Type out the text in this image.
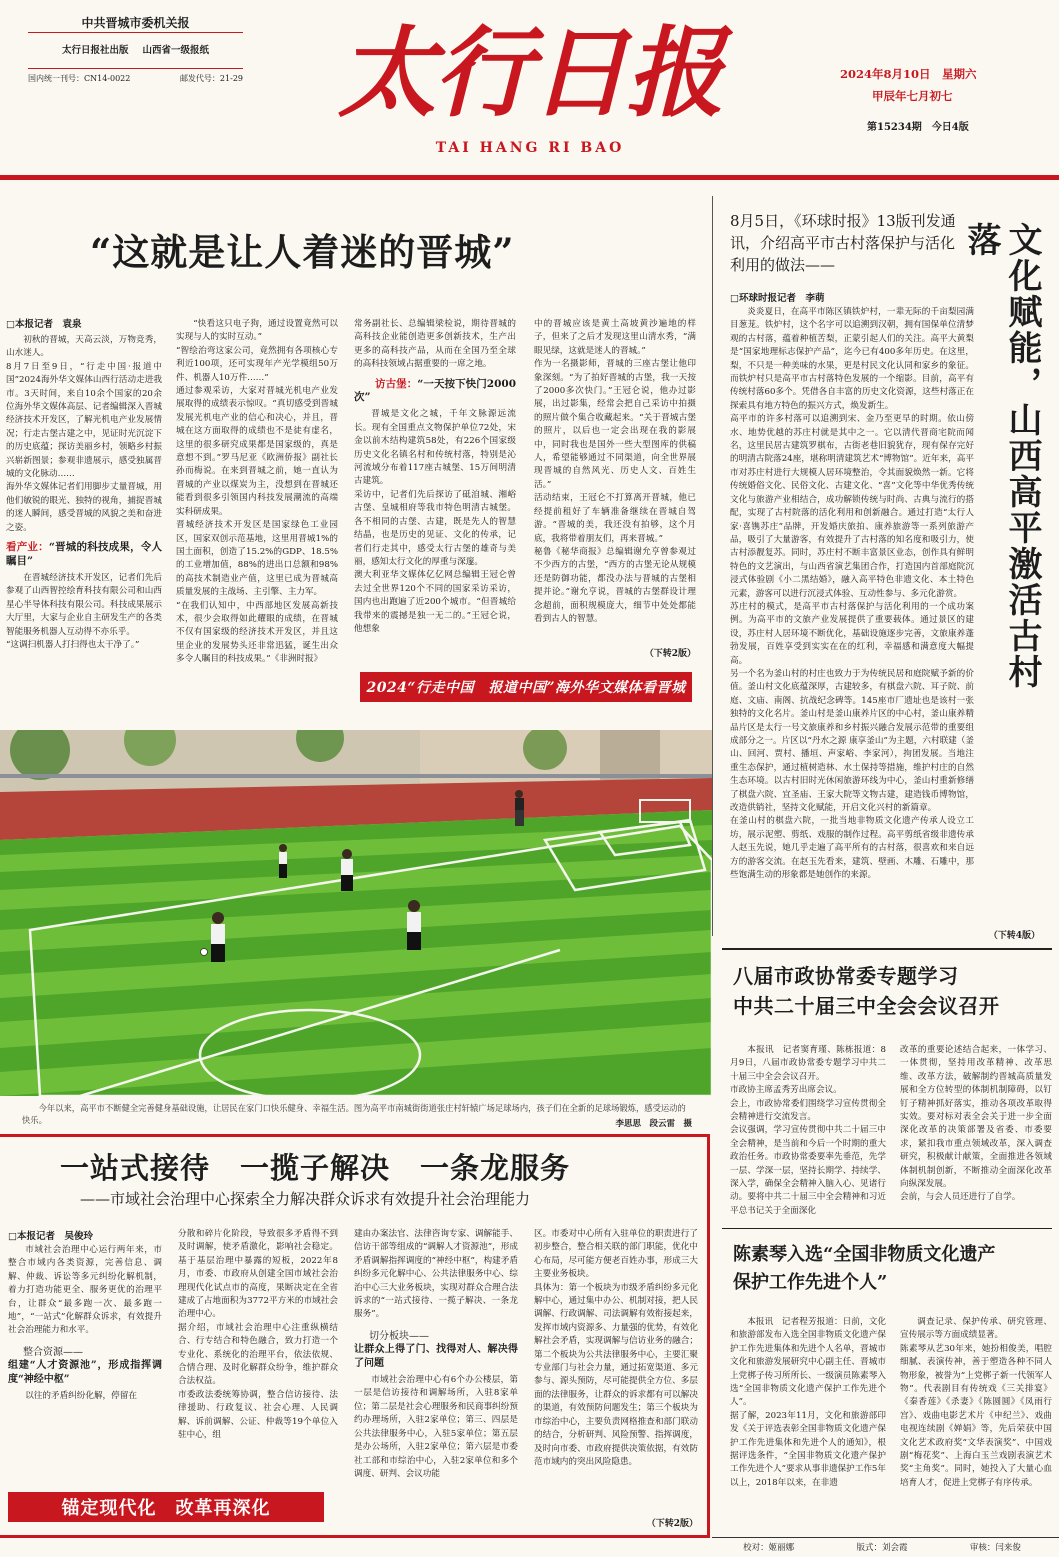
中共晋城市委机关报
太行日报社出版 山西省一级报纸
国内统一刊号：CN14-0022	邮发代号：21-29 太行日报
TAI HANG RI BAO
2024年8月10日　星期六
甲辰年七月初七
第15234期　今日4版
“这就是让人着迷的晋城”
□本报记者　袁泉
初秋的晋城，天高云淡，万物竞秀，山水迷人。
8月7日至9日，“行走中国·报道中国”2024海外华文媒体山西行活动走进我市。3天时间，来自10余个国家的20余位海外华文媒体高层、记者编辑深入晋城经济技术开发区，了解光机电产业发展情况；行走古堡古建之中，见证时光沉淀下的历史底蕴；探访美丽乡村，领略乡村振兴崭新图景；参观非遗展示，感受独属晋城的文化脉动……
海外华文媒体记者们用脚步丈量晋城，用他们敏锐的眼光、独特的视角，捕捉晋城的迷人瞬间，感受晋城的风貌之美和奋进之姿。
看产业：“晋城的科技成果，令人瞩目”
在晋城经济技术开发区，记者们先后参观了山西智控绘育科技有限公司和山西星心半导体科技有限公司。科技成果展示大厅里，大家与企业自主研发生产的各类智能服务机器人互动得不亦乐乎。
“这调扫机器人打扫得也太干净了。”
“快看这只电子狗，通过设置竟然可以实现与人的实时互动。”
“智绘治弯这家公司，竟然拥有各项核心专利近100项，还可实现年产光学模组50万件、机器人10万件……”
通过参观采访，大家对晋城光机电产业发展取得的成绩表示惊叹。“真切感受到晋城发展光机电产业的信心和决心，并且，晋城在这方面取得的成绩也不是徒有虚名，这里的很多研究成果都是国家级的，真是意想不到。”罗马尼亚《欧洲侨报》副社长孙而梅说。在来到晋城之前，她一直认为晋城的产业以煤炭为主，没想到在晋城还能看到很多引领国内科技发展潮流的高端实科研成果。
晋城经济技术开发区是国家绿色工业园区，国家双创示范基地，这里用晋城1%的国土面积，创造了15.2%的GDP、18.5%的工业增加值，88%的进出口总额和98%的高技术制造业产值，这里已成为晋城高质量发展的主战场、主引擎、主力军。
“在我们认知中，中西部地区发展高新技术，很少会取得如此耀眼的成绩，在晋城不仅有国家级的经济技术开发区，并且这里企业的发展势头还非常迅猛，诞生出众多令人瞩目的科技成果。”《非洲时报》
常务副社长、总编辑梁检说，期待晋城的高科技企业能创造更多创新技术，生产出更多的高科技产品，从而在全国乃至全球的高科技领域占据重要的一席之地。
访古堡：“一天按下快门2000次”
晋城是文化之城，千年文脉源远流长。现有全国重点文物保护单位72处，宋金以前木结构建筑58处，有226个国家级历史文化名镇名村和传统村落，特别是沁河流域分布着117座古城堡、15万间明清古建筑。
采访中，记者们先后探访了砥洎城、湘峪古堡、皇城相府等我市特色明清古城堡。各不相同的古堡、古建，既是先人的智慧结晶，也是历史的见证、文化的传承，记者们行走其中，感受太行古堡的雄奇与美丽，感知太行文化的厚重与深邃。
澳大利亚华文媒体亿亿网总编辑王冠仑曾去过全世界120个不同的国家采访采访，国内也出跑遍了近200个城市。“但晋城给我带来的震撼是独一无二的。”王冠仑说，他想象
中的晋城应该是黄土高坡黄沙遍地的样子，但来了之后才发现这里山清水秀，“满眼见绿，这就是迷人的晋城。”
作为一名摄影师，晋城的三座古堡让他印象深刻。“为了拍好晋城的古堡，我一天按了2000多次快门。”王冠仑说，他办过影展，出过影集，经常会把自己采访中拍摄的照片做个集合收藏起来。“关于晋城古堡的照片，以后也一定会出现在我的影展中，同时我也是国外一些大型图库的供稿人，希望能够通过不同渠道，向全世界展现晋城的自然风光、历史人文、百姓生活。”
活动结束，王冠仑不打算离开晋城，他已经提前租好了车辆准备继续在晋城自驾游。“晋城的美，我还没有拍够，这个月底，我将带着朋友们，再来晋城。”
秘鲁《秘华商报》总编辑谢允亨曾参观过不少西方的古堡，“西方的古堡无论从规模还是防御功能，都没办法与晋城的古堡相提并论。”谢允亨说，晋城的古堡群设计理念超前，面积规模庞大，细节中处处都能看到古人的智慧。
（下转2版）
2024“行走中国　报道中国”海外华文媒体看晋城
8月5日，《环球时报》13版刊发通讯，介绍高平市古村落保护与活化利用的做法——	文化赋能，山西高平激活古村落
□环球时报记者　李萌
炎炎夏日，在高平市陈区镇铁炉村，一辈无际的千亩梨园满目葱茏。铁炉村，这个名字可以追溯到汉朝，拥有国保单位清梦观的古村落，蕴着种植苦梨，正蒙引起人们的关注。高平大黄梨是“国家地理标志保护产品”，迄今已有400多年历史。在这里，梨，不只是一种美味的水果，更是村民文化认同和家乡的象征。而铁炉村只是高平市古村落特色发展的一个缩影。目前，高平有传统村落60多个。凭借各自丰富的历史文化资源，这些村落正在探索具有地方特色的振兴方式，焕发新生。
高平市的许多村落可以追溯到宋、金乃至更早的时期。依山傍水、地势优越的苏庄村就是其中之一。它以清代晋商宅院而闻名，这里民居古建筑罗棋布，古街老巷旧貌犹存，现有保存完好的明清古院落24座，堪称明清建筑艺术“博物馆”。近年来，高平市对苏庄村进行大规模人居环境整治，令其面貌焕然一新。它将传统婚俗文化、民俗文化、古建文化、“喜”文化等中华优秀传统文化与旅游产业相结合，成功解锁传统与时尚、古典与流行的搭配，实现了古村院落的活化利用和创新融合。通过打造“太行人家·喜镌苏庄”品牌，开发婚庆旅拍、康养旅游等一系列旅游产品，吸引了大量游客，有效提升了古村落的知名度和吸引力，使古村添靓复苏。同时，苏庄村不断丰富景区业态，创作具有鲜明特色的文艺演出，与山西省演艺集团合作，打造国内首部庭院沉浸式体验剧《小二黑结婚》，融入高平特色非遗文化、本土特色元素，游客可以进行沉浸式体验、互动性参与、多元化游赏。
苏庄村的模式，是高平市古村落保护与活化利用的一个成功案例。为高平市的文旅产业发展提供了重要载体。通过景区的建设，苏庄村人居环境不断优化，基础设施逐步完善，文旅康养蓬勃发展，百姓享受到实实在在的红利，幸福感和满意度大幅提高。
另一个名为釜山村的村庄也致力于为传统民居和庭院赋予新的价值。釜山村文化底蕴深厚，古建较多，有棋盘六院、耳子院、前庭、文庙、南阁、抗战纪念碑等。145座市厂遗址也是该村一张独特的文化名片。釜山村是釜山康养片区的中心村，釜山康养精品片区是太行一号文旅康养和乡村振兴融合发展示范带的重要组成部分之一。片区以“丹水之源 康享釜山”为主题，六村联建（釜山、回河、贾村、播垣、声家峪、李家河），拘团发展。当地注重生态保护，通过植树造林、水土保持等措施，维护村庄的自然生态环境。以古村旧时光休闲旅游环线为中心，釜山村重新修缮了棋盘六院、宜圣庙、王家大院等文物古建，建造钱币博物馆，改造供销社，坚持文化赋能，开启文化兴村的新篇章。
在釜山村的棋盘六院，一批当地非物质文化遗产传承人设立工坊，展示泥塑、剪纸、戏服的制作过程。高平剪纸省级非遗传承人赵玉先说，她几乎走遍了高平所有的古村落，很喜欢和来自远方的游客交流。在赵玉先看来，建筑、壁画、木雕、石雕中，那些饱满生动的形象都是她创作的来源。
（下转4版）
今年以来，高平市不断健全完善健身基础设施，让居民在家门口快乐健身、幸福生活。图为高平市南城街街道张庄村轩辕广场足球场内，孩子们在全新的足球场锻炼，感受运动的快乐。	李思思　段云雷　摄
八届市政协常委专题学习
中共二十届三中全会会议召开
本报讯　记者窦育瑾、陈栋报道：8月9日，八届市政协常委专题学习中共二十届三中全会会议召开。
市政协主席孟秀芳出席会议。
会上，市政协常委们围绕学习宣传贯彻全会精神进行交流发言。
会议强调，学习宣传贯彻中共二十届三中全会精神，是当前和今后一个时期的重大政治任务。市政协常委要率先垂范，先学一层、学深一层，坚持长期学、持续学、深入学，确保全会精神入脑入心、见诸行动。要将中共二十届三中全会精神和习近平总书记关于全面深化
改革的重要论述结合起来，一体学习、一体贯彻，坚持用改革精神、改革思维、改革方法，破解制约晋城高质量发展和全方位转型的体制机制障碍，以钉钉子精神抓好落实，推动各项改革取得实效。要对标对表全会关于进一步全面深化改革的决策部署及省委、市委要求，紧扣我市重点领域改革，深入调查研究，积极献计献策，全面推进各领域体制机制创新，不断推动全面深化改革向纵深发展。
会前，与会人员还进行了自学。
陈素琴入选“全国非物质文化遗产
保护工作先进个人”
本报讯　记者程芳报道：日前，文化和旅游部发布入选全国非物质文化遗产保护工作先进集体和先进个人名单，晋城市文化和旅游发展研究中心副主任、晋城市上党梆子传习所所长、一级演员陈素琴入选“全国非物质文化遗产保护工作先进个人”。
据了解，2023年11月，文化和旅游部印发《关于评选表彰全国非物质文化遗产保护工作先进集体和先进个人的通知》，根据评选条件，“全国非物质文化遗产保护工作先进个人”要求从事非遗保护工作5年以上，2018年以来，在非遗
调查记录、保护传承、研究管理、宣传展示等方面成绩显著。
陈素琴从艺30年来，她扮相俊美，唱腔细腻、表演传神，善于塑造各种不同人物形象，被誉为“上党梆子新一代领军人物”。代表剧目有传统戏《三关排宴》《秦香莲》《杀妻》《陈圆圆》《凤雨行宫》、戏曲电影艺术片《申纪兰》、戏曲电视连续剧《婵娟》等，先后荣获中国文化艺术政府奖“文华表演奖”、中国戏剧“梅花奖”、上海白玉兰戏剧表演艺术奖“主角奖”。同时，她投入了大量心血培育人才，促进上党梆子有序传承。
一站式接待　一揽子解决　一条龙服务
——市域社会治理中心探索全力解决群众诉求有效提升社会治理能力
□本报记者　吴俊玲
市域社会治理中心运行两年来，市整合市域内各类资源，完善信息、调解、仲裁、诉讼等多元纠纷化解机制，着力打造功能更全、服务更优的治理平台，让群众“最多跑一次、最多跑一地”，“一站式”化解群众诉求，有效提升社会治理能力和水平。
整合资源——
组建“人才资源池”，形成指挥调度“神经中枢”
以往的矛盾纠纷化解，停留在
分散和碎片化阶段，导致很多矛盾得不到及时调解，使矛盾激化，影响社会稳定。基于基层治理中暴露的短板，2022年8月，市委、市政府从创建全国市域社会治理现代化试点市的高度，果断决定在全省建成了占地面积为3772平方米的市域社会治理中心。
据介绍，市域社会治理中心注重纵横结合、行专结合和特色融合，致力打造一个专业化、系统化的治理平台，依法依规、合情合理、及时化解群众纷争，维护群众合法权益。
市委政法委统筹协调，整合信访接待、法律援助、行政复议、社会心理、人民调解、诉前调解、公证、仲裁等19个单位入驻中心，组
建由办案法官、法律咨询专家、调解能手、信访干部等组成的“调解人才资源池”，形成矛盾调解指挥调度的“神经中枢”，构建矛盾纠纷多元化解中心、公共法律服务中心、综治中心三大业务板块，实现对群众合理合法诉求的“一站式接待、一揽子解决、一条龙服务”。
切分板块——
让群众上得了门、找得对人、解决得了问题
市域社会治理中心有6个办公楼层，第一层是信访接待和调解场所，入驻8家单位；第二层是社会心理服务和民商事纠纷预约办理场所，入驻2家单位；第三、四层是公共法律服务中心，入驻5家单位；第五层是办公场所，入驻2家单位；第六层是市委社工部和市综治中心，入驻2家单位和多个调度、研判、会议功能
区。市委对中心所有入驻单位的职责进行了初步整合，整合相关联的部门职能，优化中心布局，尽可能方便老百姓办事，形成三大主要业务板块。
具体为：第一个板块为市级矛盾纠纷多元化解中心，通过集中办公、机制对接，把人民调解、行政调解、司法调解有效衔接起来，发挥市域内资源多、力量强的优势，有效化解社会矛盾，实现调解与信访业务的融合；第二个板块为公共法律服务中心，主要汇聚专业部门与社会力量，通过拓宽渠道、多元参与、源头预防，尽可能提供全方位、多层面的法律服务，让群众的诉求都有可以解决的渠道，有效预防问题发生；第三个板块为市综治中心，主要负责网格推查和部门联动的结合，分析研判、风险预警、指挥调度，及时向市委、市政府提供决策依据，有效防范市域内的突出风险隐患。
（下转2版）
锚定现代化　改革再深化
校对：姬丽娜	版式：刘会霞	审核：闫来俊
